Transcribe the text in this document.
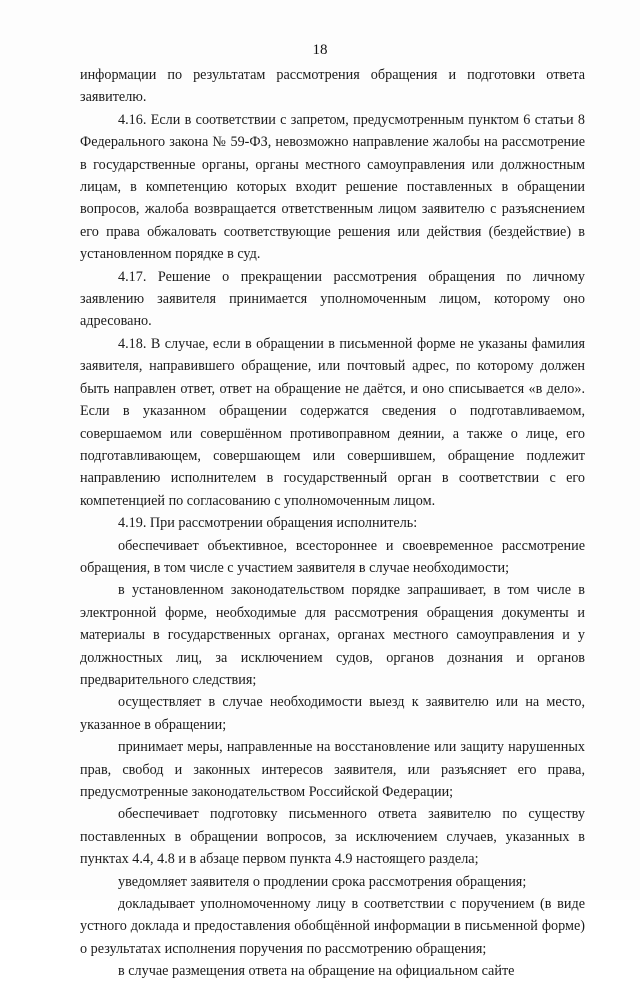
18

информации по результатам рассмотрения обращения и подготовки ответа заявителю.

4.16. Если в соответствии с запретом, предусмотренным пунктом 6 статьи 8 Федерального закона № 59-ФЗ, невозможно направление жалобы на рассмотрение в государственные органы, органы местного самоуправления или должностным лицам, в компетенцию которых входит решение поставленных в обращении вопросов, жалоба возвращается ответственным лицом заявителю с разъяснением его права обжаловать соответствующие решения или действия (бездействие) в установленном порядке в суд.

4.17. Решение о прекращении рассмотрения обращения по личному заявлению заявителя принимается уполномоченным лицом, которому оно адресовано.

4.18. В случае, если в обращении в письменной форме не указаны фамилия заявителя, направившего обращение, или почтовый адрес, по которому должен быть направлен ответ, ответ на обращение не даётся, и оно списывается «в дело». Если в указанном обращении содержатся сведения о подготавливаемом, совершаемом или совершённом противоправном деянии, а также о лице, его подготавливающем, совершающем или совершившем, обращение подлежит направлению исполнителем в государственный орган в соответствии с его компетенцией по согласованию с уполномоченным лицом.

4.19. При рассмотрении обращения исполнитель:

обеспечивает объективное, всестороннее и своевременное рассмотрение обращения, в том числе с участием заявителя в случае необходимости;

в установленном законодательством порядке запрашивает, в том числе в электронной форме, необходимые для рассмотрения обращения документы и материалы в государственных органах, органах местного самоуправления и у должностных лиц, за исключением судов, органов дознания и органов предварительного следствия;

осуществляет в случае необходимости выезд к заявителю или на место, указанное в обращении;

принимает меры, направленные на восстановление или защиту нарушенных прав, свобод и законных интересов заявителя, или разъясняет его права, предусмотренные законодательством Российской Федерации;

обеспечивает подготовку письменного ответа заявителю по существу поставленных в обращении вопросов, за исключением случаев, указанных в пунктах 4.4, 4.8 и в абзаце первом пункта 4.9 настоящего раздела;

уведомляет заявителя о продлении срока рассмотрения обращения;

докладывает уполномоченному лицу в соответствии с поручением (в виде устного доклада и предоставления обобщённой информации в письменной форме) о результатах исполнения поручения по рассмотрению обращения;

в случае размещения ответа на обращение на официальном сайте
